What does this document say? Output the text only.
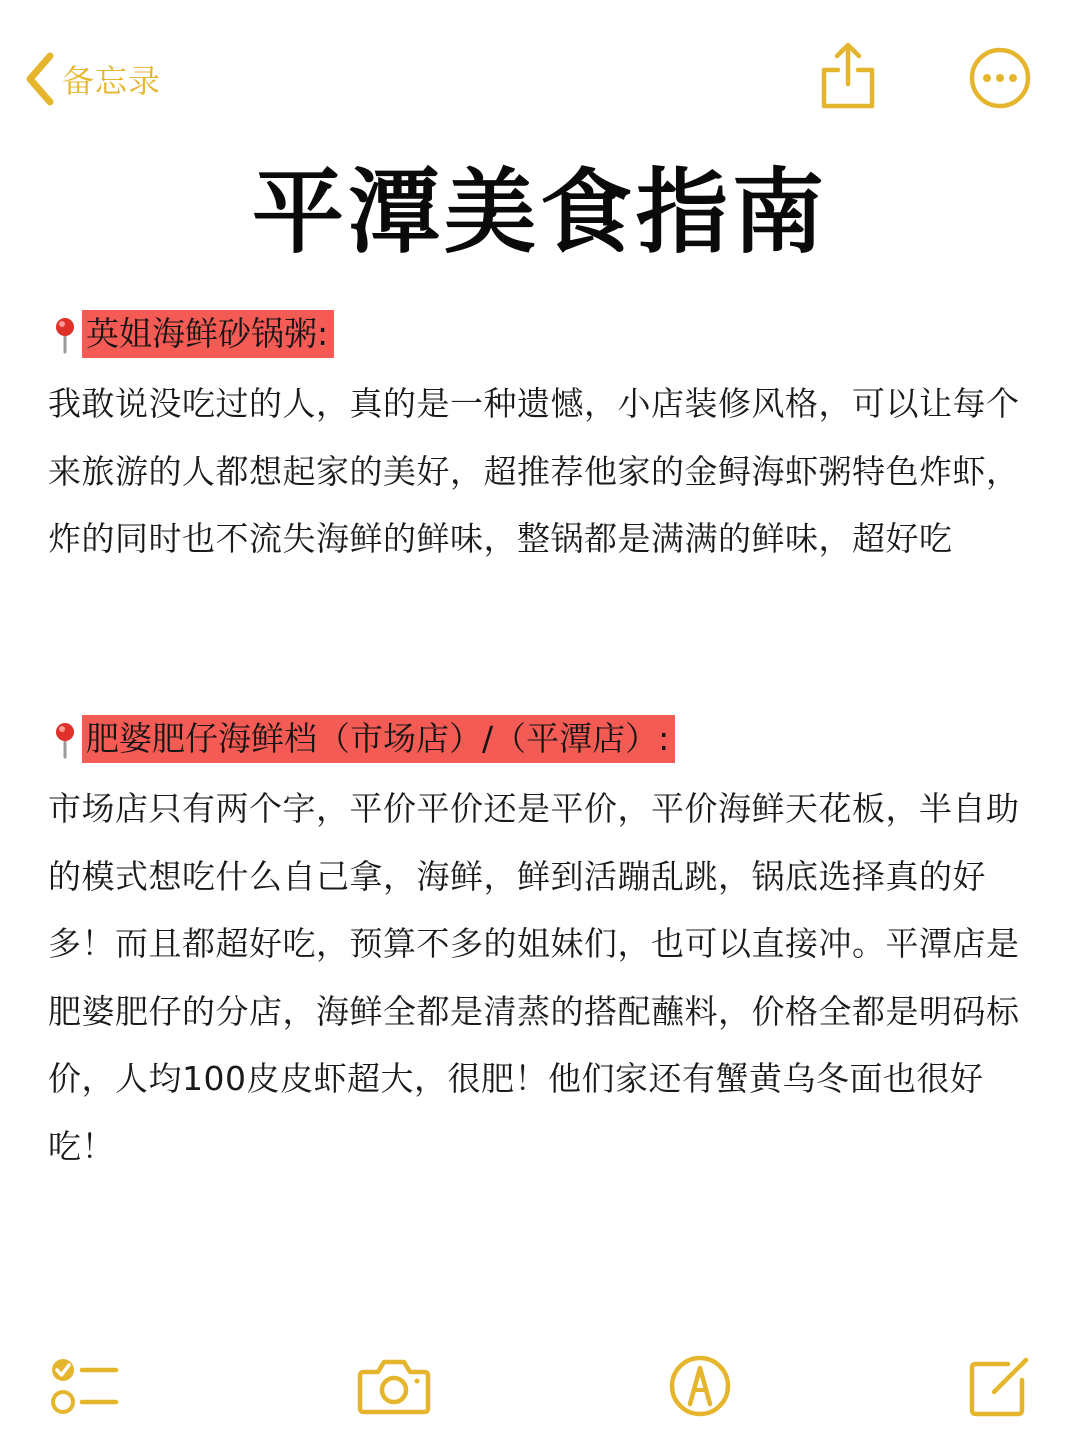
备忘录
平潭美食指南
英姐海鲜砂锅粥:
我敢说没吃过的人，真的是一种遗憾，小店装修风格，可以让每个来旅游的人都想起家的美好，超推荐他家的金鲟海虾粥特色炸虾，炸的同时也不流失海鲜的鲜味，整锅都是满满的鲜味，超好吃
肥婆肥仔海鲜档（市场店）/（平潭店）:
市场店只有两个字，平价平价还是平价，平价海鲜天花板，半自助的模式想吃什么自己拿，海鲜，鲜到活蹦乱跳，锅底选择真的好多！而且都超好吃，预算不多的姐妹们，也可以直接冲。平潭店是肥婆肥仔的分店，海鲜全都是清蒸的搭配蘸料，价格全都是明码标价，人均100皮皮虾超大，很肥！他们家还有蟹黄乌冬面也很好吃！
